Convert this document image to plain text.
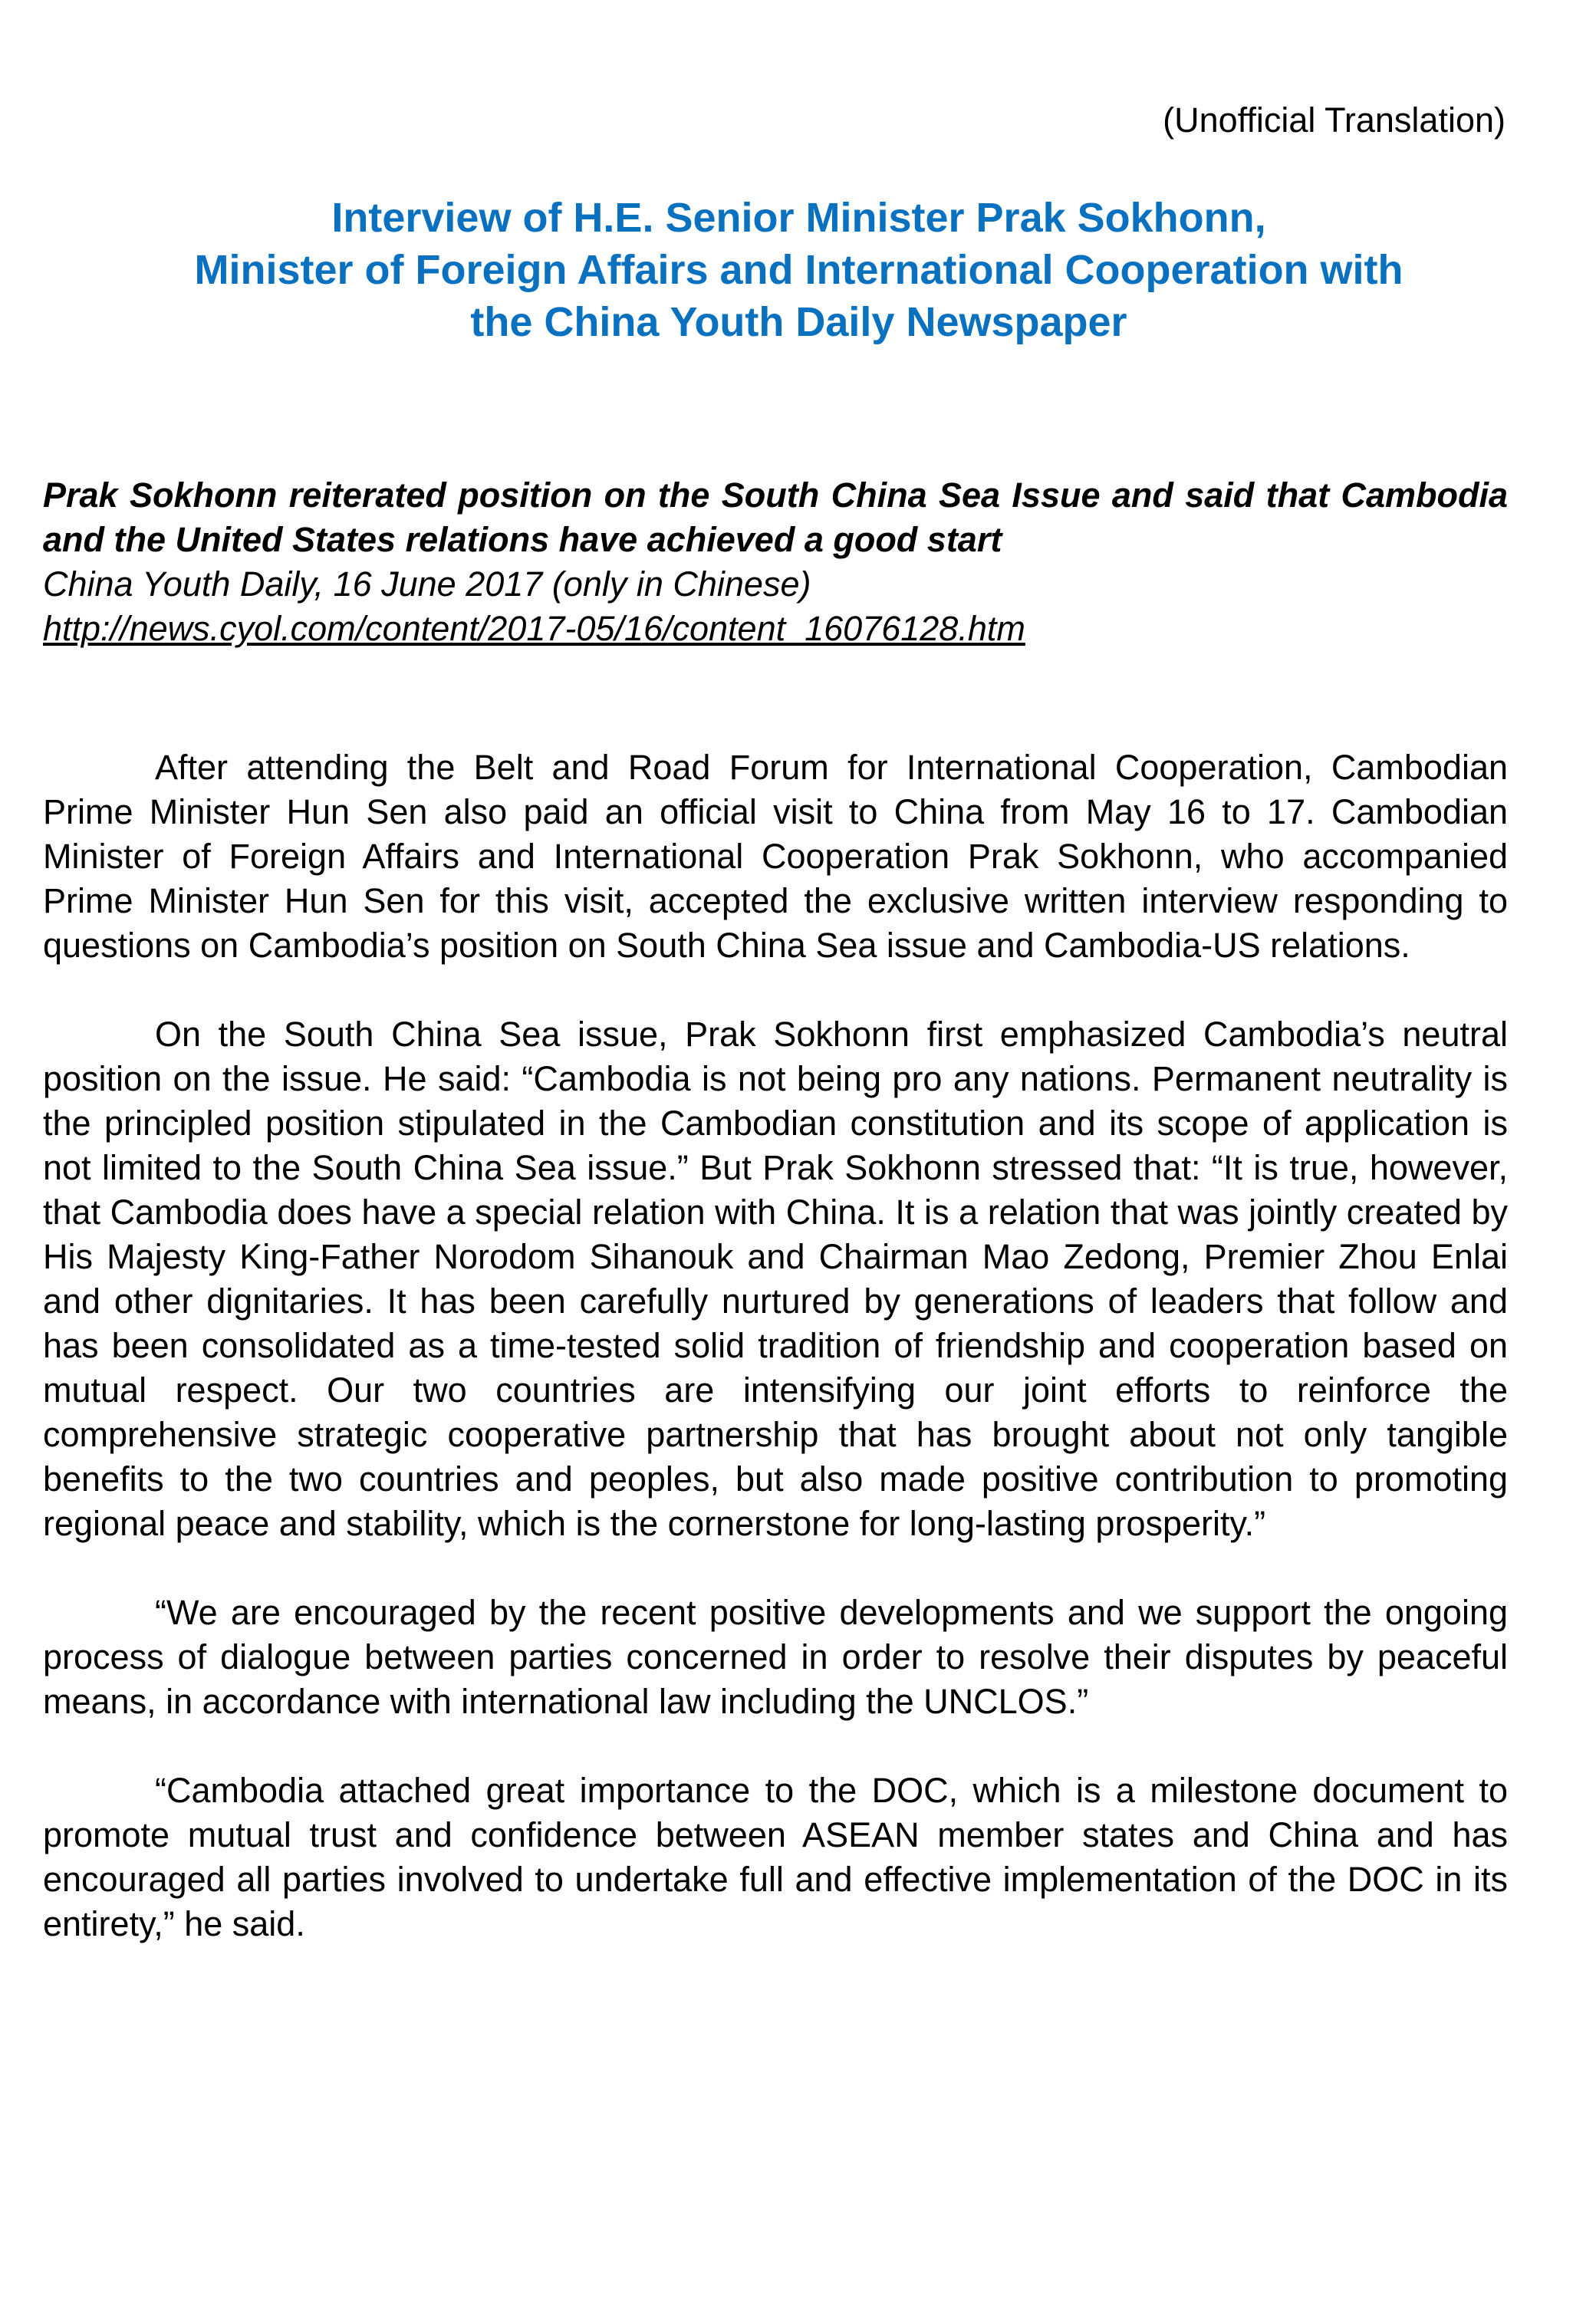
(Unofficial Translation)

Interview of H.E. Senior Minister Prak Sokhonn,
Minister of Foreign Affairs and International Cooperation with
the China Youth Daily Newspaper

Prak Sokhonn reiterated position on the South China Sea Issue and said that Cambodia and the United States relations have achieved a good start

China Youth Daily, 16 June 2017 (only in Chinese)

http://news.cyol.com/content/2017-05/16/content_16076128.htm

After attending the Belt and Road Forum for International Cooperation, Cambodian Prime Minister Hun Sen also paid an official visit to China from May 16 to 17. Cambodian Minister of Foreign Affairs and International Cooperation Prak Sokhonn, who accompanied Prime Minister Hun Sen for this visit, accepted the exclusive written interview responding to questions on Cambodia’s position on South China Sea issue and Cambodia-US relations.

On the South China Sea issue, Prak Sokhonn first emphasized Cambodia’s neutral position on the issue. He said: “Cambodia is not being pro any nations. Permanent neutrality is the principled position stipulated in the Cambodian constitution and its scope of application is not limited to the South China Sea issue.” But Prak Sokhonn stressed that: “It is true, however, that Cambodia does have a special relation with China. It is a relation that was jointly created by His Majesty King-Father Norodom Sihanouk and Chairman Mao Zedong, Premier Zhou Enlai and other dignitaries. It has been carefully nurtured by generations of leaders that follow and has been consolidated as a time-tested solid tradition of friendship and cooperation based on mutual respect. Our two countries are intensifying our joint efforts to reinforce the comprehensive strategic cooperative partnership that has brought about not only tangible benefits to the two countries and peoples, but also made positive contribution to promoting regional peace and stability, which is the cornerstone for long-lasting prosperity.”

“We are encouraged by the recent positive developments and we support the ongoing process of dialogue between parties concerned in order to resolve their disputes by peaceful means, in accordance with international law including the UNCLOS.”

“Cambodia attached great importance to the DOC, which is a milestone document to promote mutual trust and confidence between ASEAN member states and China and has encouraged all parties involved to undertake full and effective implementation of the DOC in its entirety,” he said.
